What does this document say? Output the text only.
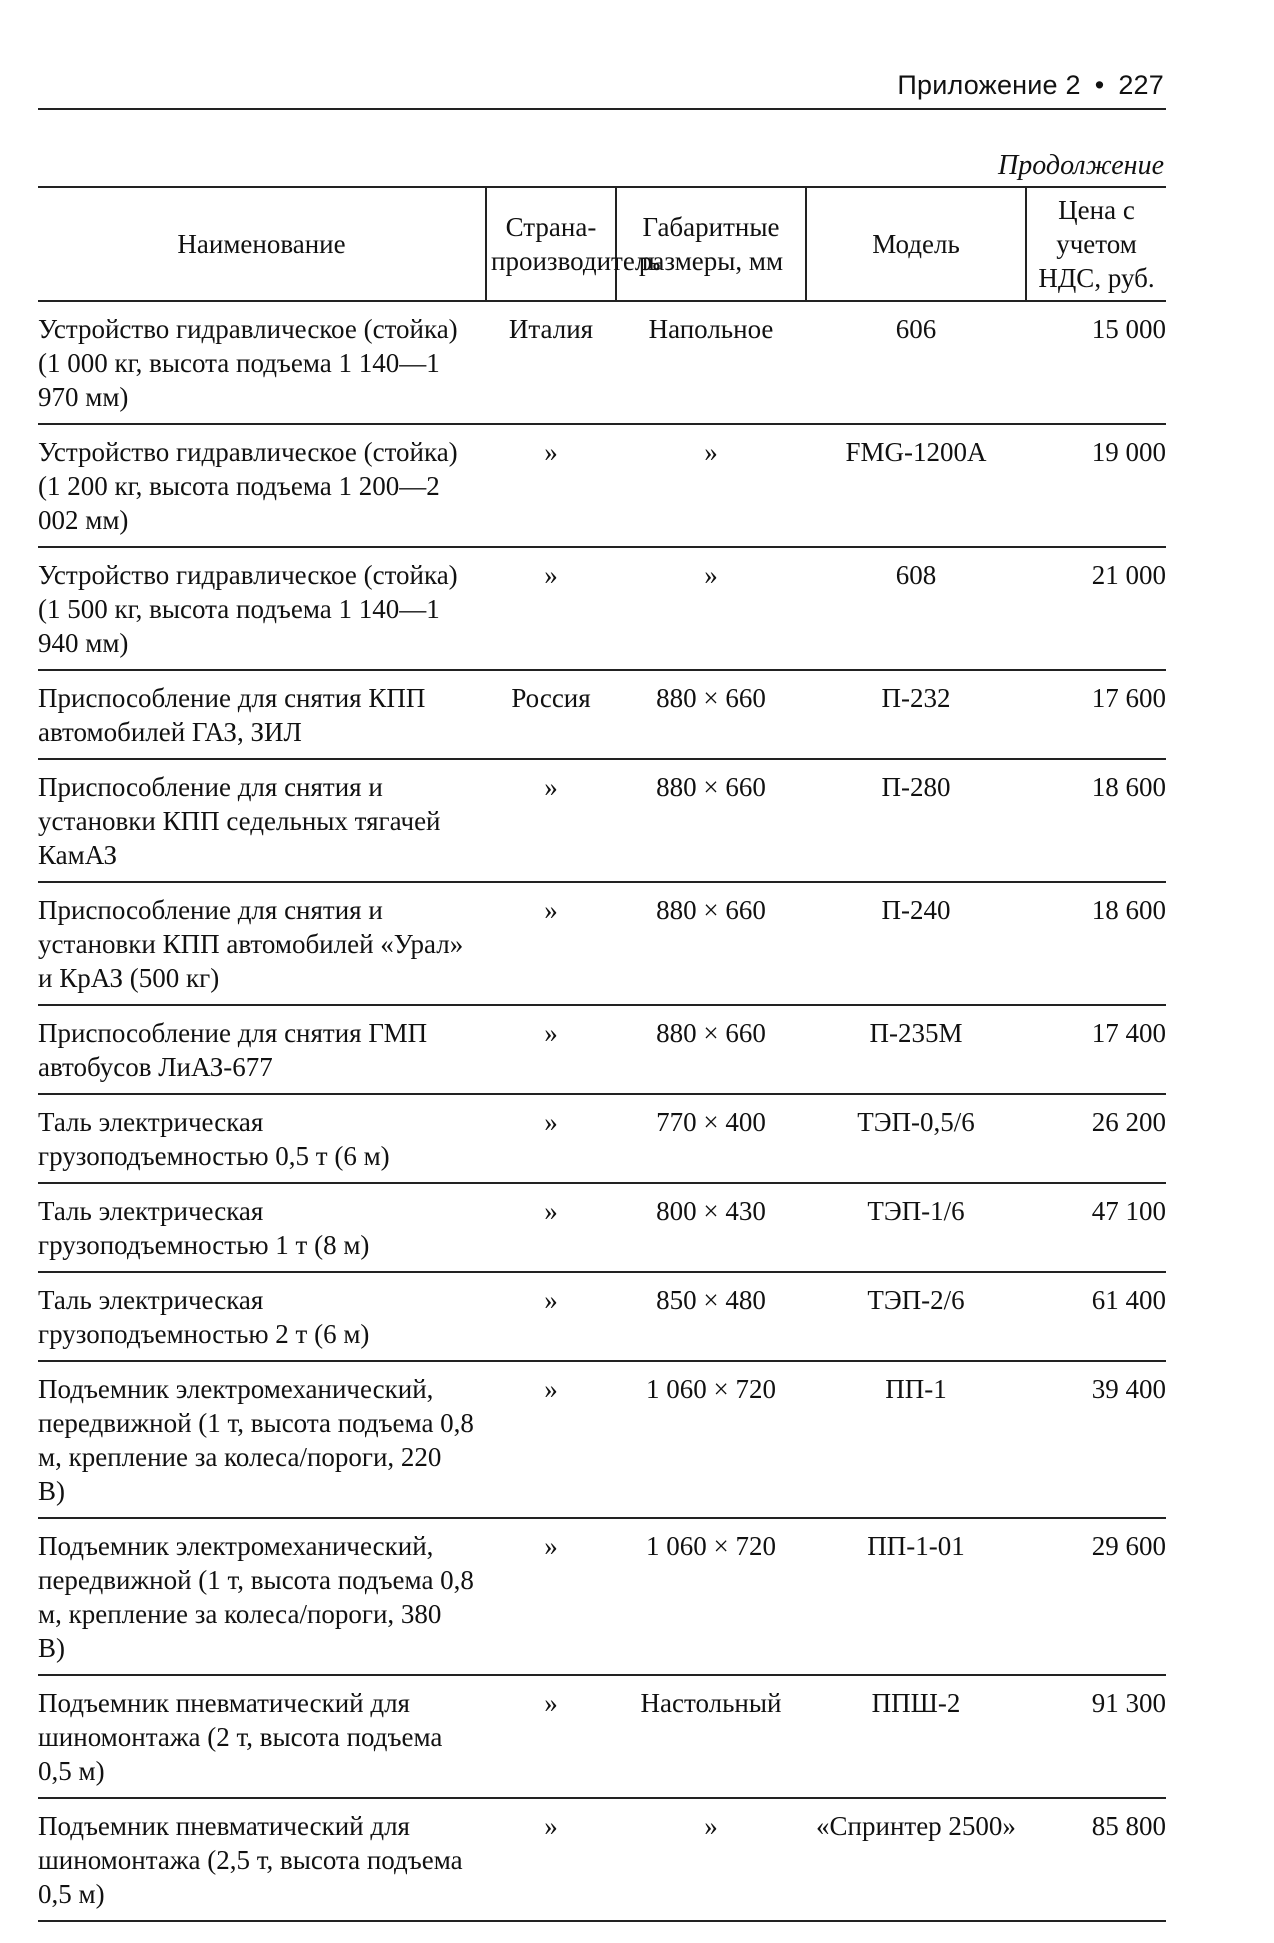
Приложение 2 • 227
Продолжение
Наименование	Страна-производитель	Габаритные размеры, мм	Модель	Цена с учетом НДС, руб.
Устройство гидравлическое (стойка) (1 000 кг, высота подъема 1 140—1 970 мм)	Италия	Напольное	606	15 000
Устройство гидравлическое (стойка) (1 200 кг, высота подъема 1 200—2 002 мм)	»	»	FMG-1200A	19 000
Устройство гидравлическое (стойка) (1 500 кг, высота подъема 1 140—1 940 мм)	»	»	608	21 000
Приспособление для снятия КПП автомобилей ГАЗ, ЗИЛ	Россия	880 × 660	П-232	17 600
Приспособление для снятия и установки КПП седельных тягачей КамАЗ	»	880 × 660	П-280	18 600
Приспособление для снятия и установки КПП автомобилей «Урал» и КрАЗ (500 кг)	»	880 × 660	П-240	18 600
Приспособление для снятия ГМП автобусов ЛиАЗ-677	»	880 × 660	П-235М	17 400
Таль электрическая грузоподъемностью 0,5 т (6 м)	»	770 × 400	ТЭП-0,5/6	26 200
Таль электрическая грузоподъемностью 1 т (8 м)	»	800 × 430	ТЭП-1/6	47 100
Таль электрическая грузоподъемностью 2 т (6 м)	»	850 × 480	ТЭП-2/6	61 400
Подъемник электромеханический, передвижной (1 т, высота подъема 0,8 м, крепление за колеса/пороги, 220 В)	»	1 060 × 720	ПП-1	39 400
Подъемник электромеханический, передвижной (1 т, высота подъема 0,8 м, крепление за колеса/пороги, 380 В)	»	1 060 × 720	ПП-1-01	29 600
Подъемник пневматический для шиномонтажа (2 т, высота подъема 0,5 м)	»	Настольный	ППШ-2	91 300
Подъемник пневматический для шиномонтажа (2,5 т, высота подъема 0,5 м)	»	»	«Спринтер 2500»	85 800
